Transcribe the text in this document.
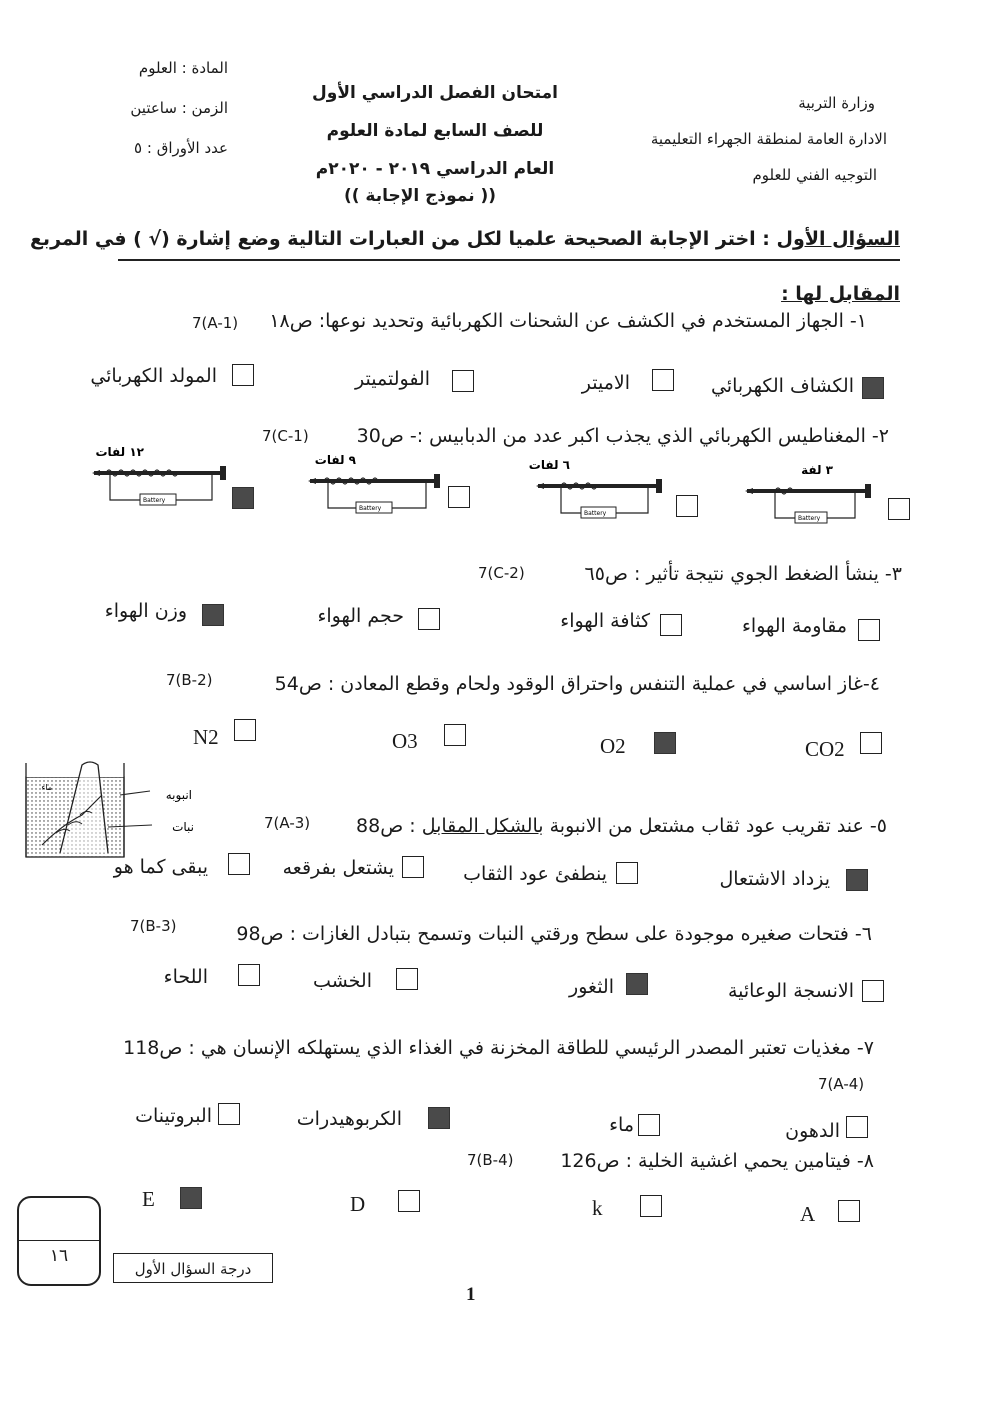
وزارة التربية
الادارة العامة لمنطقة الجهراء التعليمية
التوجيه الفني للعلوم
امتحان الفصل الدراسي الأول
للصف السابع لمادة العلوم
العام الدراسي ٢٠١٩ - ٢٠٢٠م
المادة : العلوم
الزمن : ساعتين
عدد الأوراق : ٥
(( نموذج الإجابة ))
السؤال الأول : اختر الإجابة الصحيحة علميا لكل من العبارات التالية وضع إشارة (√ ) في المربع
المقابل لها :
١- الجهاز المستخدم في الكشف عن الشحنات الكهربائية وتحديد نوعها: ص١٨
7(A-1)
الكشاف الكهربائي
الاميتر
الفولتميتر
المولد الكهربائي
٢- المغناطيس الكهربائي الذي يجذب اكبر عدد من الدبابيس :- ص30
7(C-1)
٣ لفة
Battery
٦ لفات
Battery
٩ لفات
Battery
١٢ لفات
Battery
٣- ينشأ الضغط الجوي نتيجة تأثير : ص٦٥
7(C-2)
مقاومة الهواء
كثافة الهواء
حجم الهواء
وزن الهواء
٤-غاز اساسي في عملية التنفس واحتراق الوقود ولحام وقطع المعادن : ص54
7(B-2)
CO2
O2
O3
N2
ماء
انبوبه
نبات	٥- عند تقريب عود ثقاب مشتعل من الانبوبة بالشكل المقابل : ص88
7(A-3)
يزداد الاشتعال
ينطفئ عود الثقاب
يشتعل بفرقعه
يبقى كما هو
٦- فتحات صغيره موجودة على سطح ورقتي النبات وتسمح بتبادل الغازات : ص98
7(B-3)
الانسجة الوعائية
الثغور
الخشب
اللحاء
٧- مغذيات تعتبر المصدر الرئيسي للطاقة المخزنة في الغذاء الذي يستهلكه الإنسان هي : ص118
7(A-4)
الدهون
ماء
الكربوهيدرات
البروتينات
٨- فيتامين يحمي اغشية الخلية : ص126
7(B-4)
A
k
D
E
١٦
درجة السؤال الأول
1
